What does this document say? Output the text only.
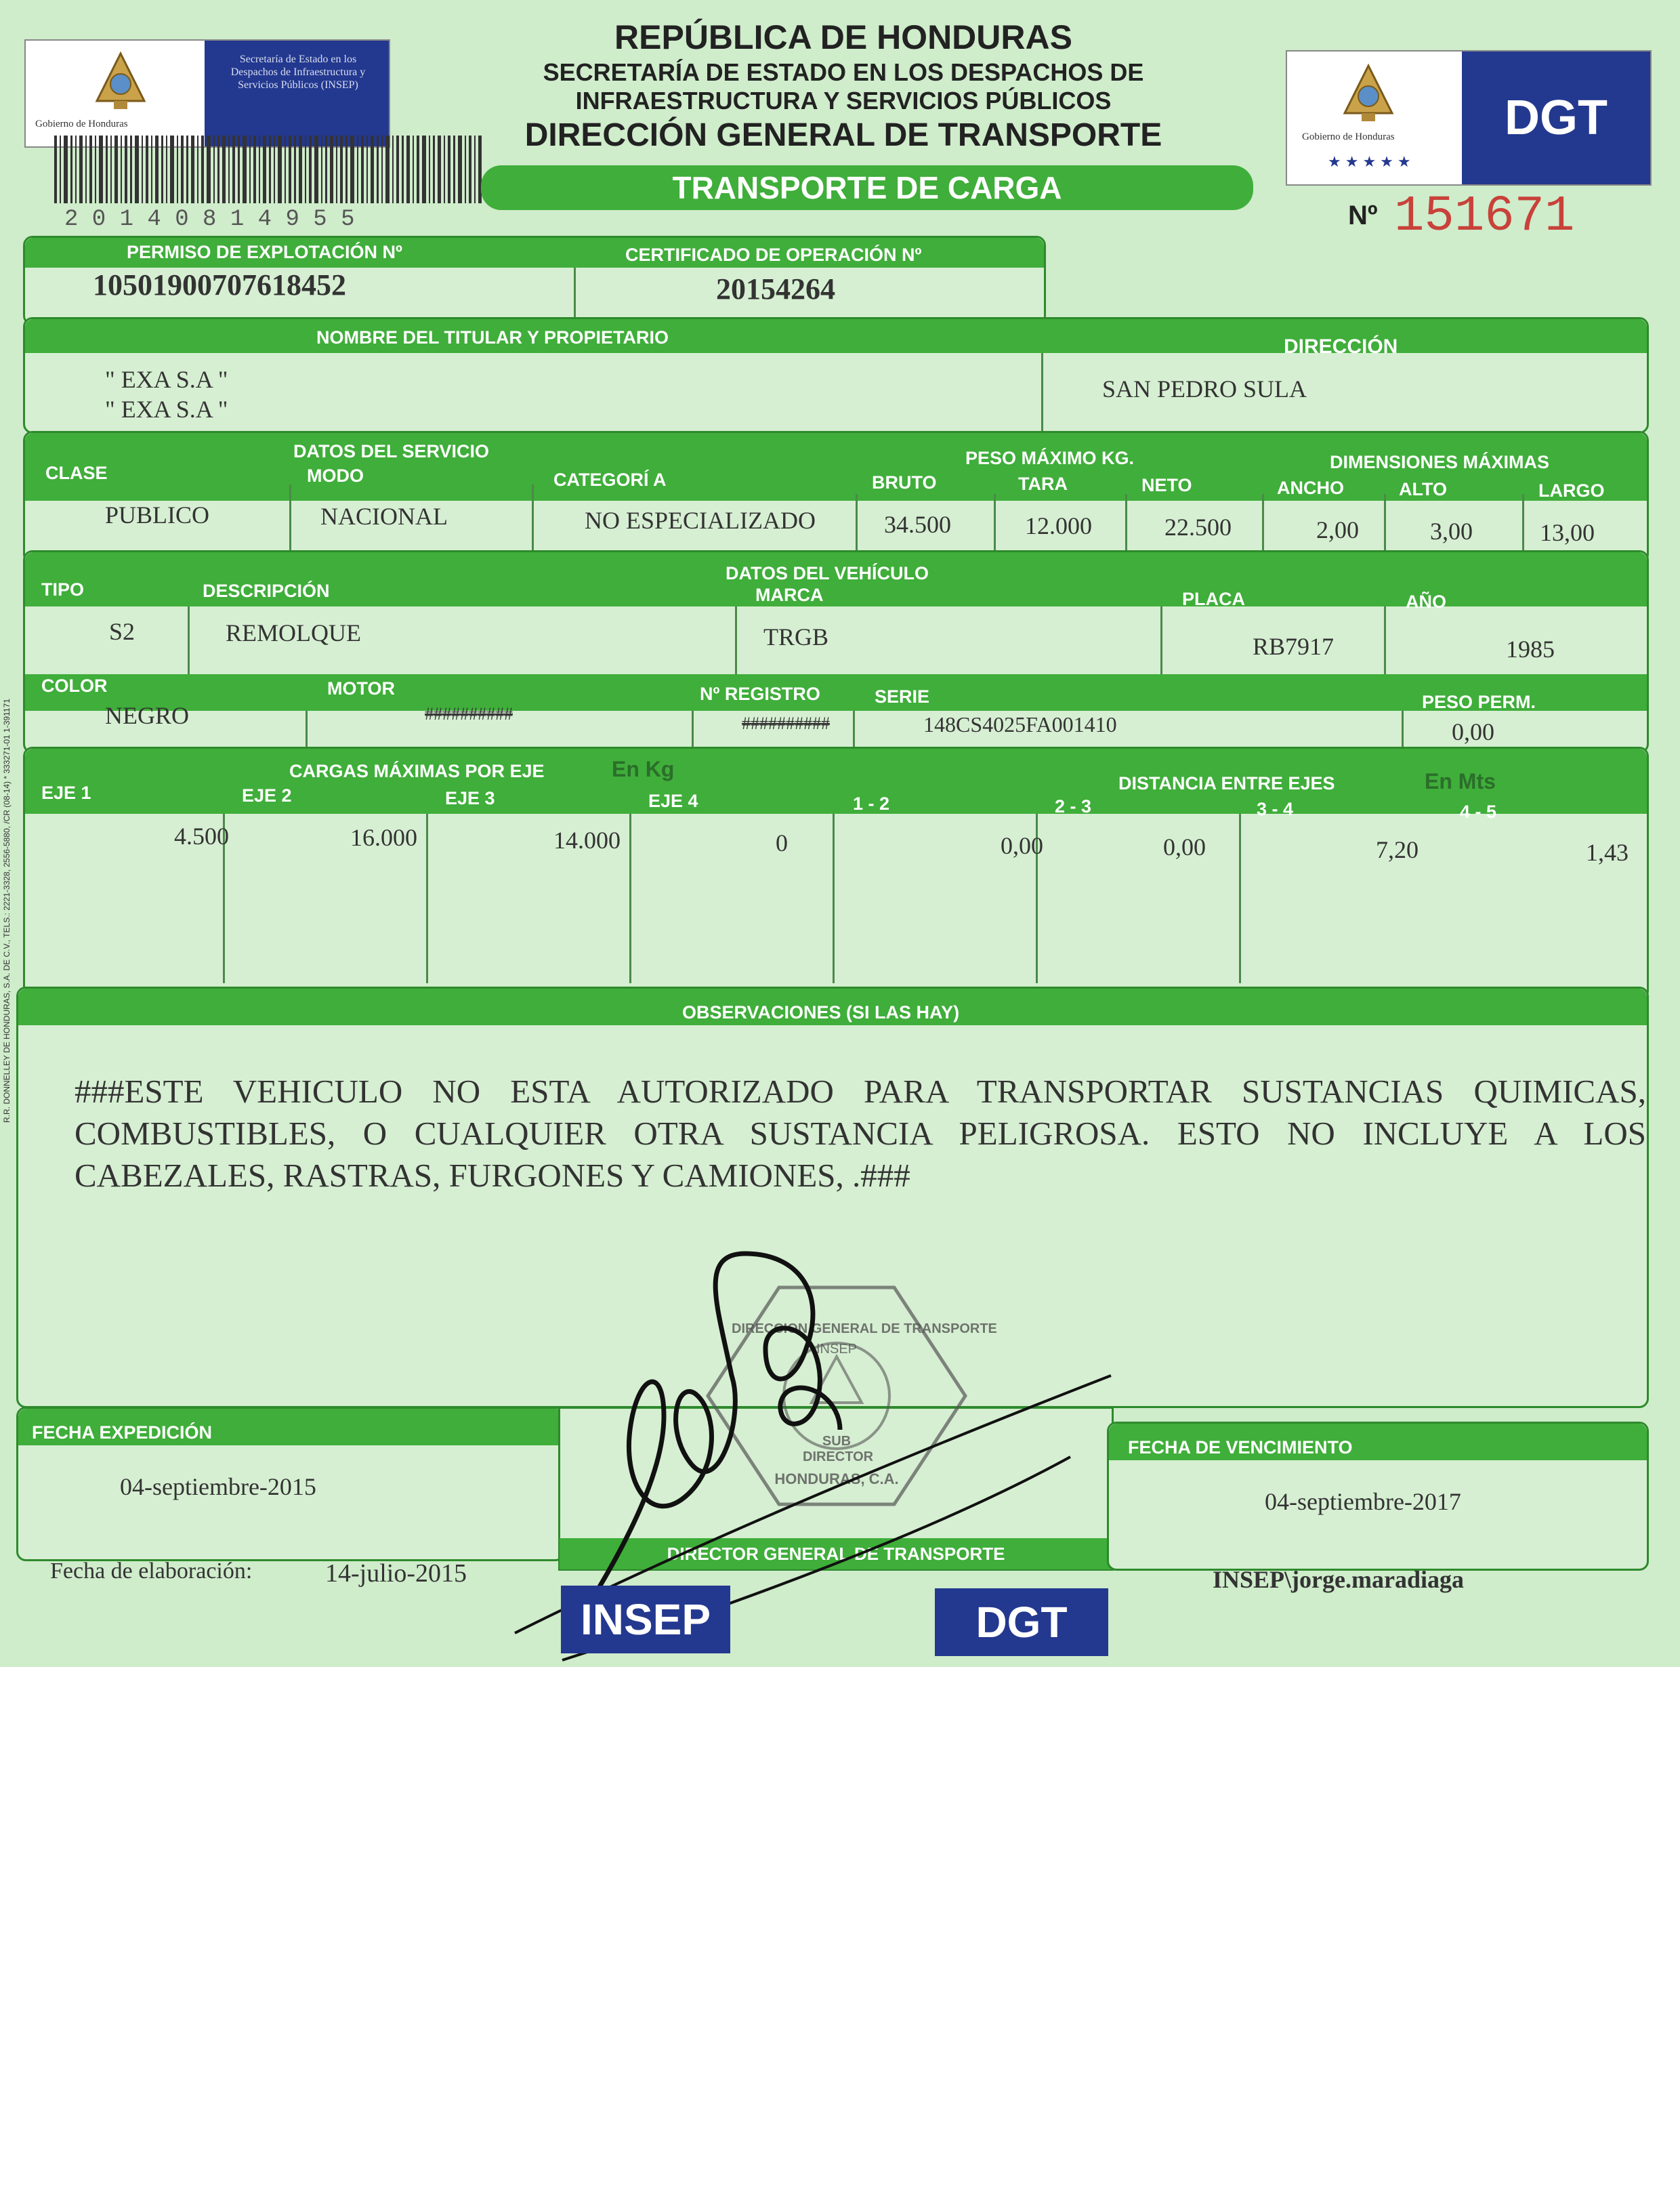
Gobierno de Honduras
Secretaría de Estado en los Despachos de Infraestructura y Servicios Públicos (INSEP)
2 0 1 4 0 8 1 4 9 5 5
REPÚBLICA DE HONDURAS
SECRETARÍA DE ESTADO EN LOS DESPACHOS DE
INFRAESTRUCTURA Y SERVICIOS PÚBLICOS
DIRECCIÓN GENERAL DE TRANSPORTE
TRANSPORTE DE CARGA
Gobierno de Honduras
★★★★★
DGT
Nº 151671
PERMISO DE EXPLOTACIÓN Nº	CERTIFICADO DE OPERACIÓN Nº
10501900707618452	20154264
NOMBRE DEL TITULAR Y PROPIETARIO	DIRECCIÓN
" EXA S.A "
" EXA S.A "
SAN PEDRO SULA
DATOS DEL SERVICIO	PESO MÁXIMO KG.	DIMENSIONES MÁXIMAS
CLASE	MODO	CATEGORÍ A	BRUTO	TARA	NETO	ANCHO	ALTO	LARGO
PUBLICO	NACIONAL	NO ESPECIALIZADO	34.500	12.000	22.500	2,00	3,00	13,00
DATOS DEL VEHÍCULO
TIPO	DESCRIPCIÓN	MARCA	PLACA	AÑO
S2	REMOLQUE	TRGB	RB7917	1985
COLOR	MOTOR	Nº REGISTRO	SERIE	PESO PERM.
NEGRO	##########	##########	148CS4025FA001410	0,00
CARGAS MÁXIMAS POR EJE	En Kg
DISTANCIA ENTRE EJES	En Mts
EJE 1	EJE 2	EJE 3	EJE 4	1 - 2	2 - 3	3 - 4	4 - 5
4.500	16.000	14.000	0	0,00	0,00	7,20	1,43
OBSERVACIONES (SI LAS HAY)
###ESTE VEHICULO NO ESTA AUTORIZADO PARA TRANSPORTAR SUSTANCIAS QUIMICAS, COMBUSTIBLES, O CUALQUIER OTRA SUSTANCIA PELIGROSA. ESTO NO INCLUYE A LOS CABEZALES, RASTRAS, FURGONES Y CAMIONES, .###
FECHA EXPEDICIÓN
04-septiembre-2015
DIRECTOR GENERAL DE TRANSPORTE
FECHA DE VENCIMIENTO
04-septiembre-2017
DIRECCION GENERAL DE TRANSPORTE
INSEP
SUB DIRECTOR
HONDURAS, C.A.
Fecha de elaboración:	14-julio-2015	INSEP\jorge.maradiaga
INSEP	DGT
R.R. DONNELLEY DE HONDURAS, S.A. DE C.V., TELS.: 2221-3328, 2556-5880, /CR (08-14) * 333271-01 1-391171
